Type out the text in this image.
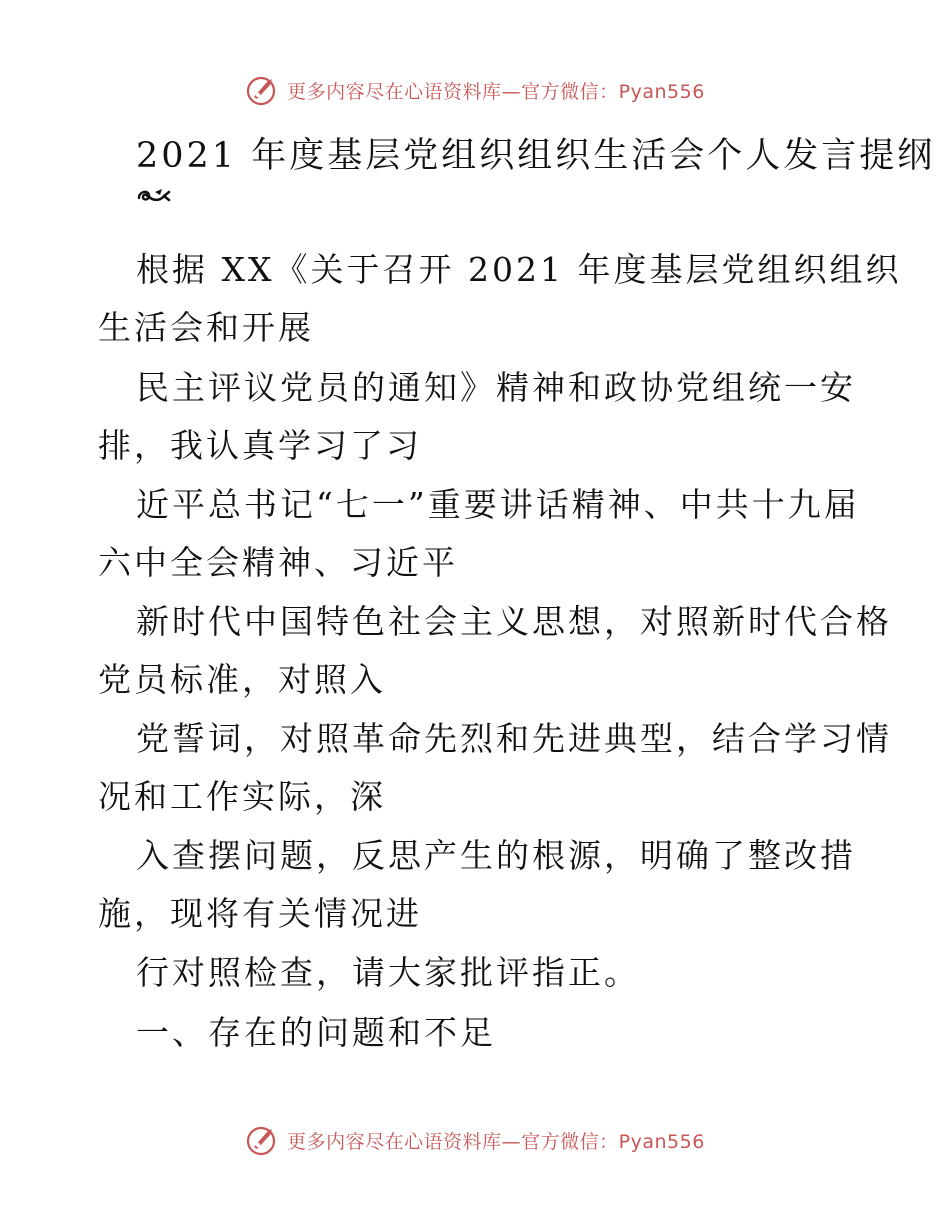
更多内容尽在心语资料库—官方微信：Pyan556
2021 年度基层党组织组织生活会个人发言提纲
根据 XX《关于召开 2021 年度基层党组织组织
生活会和开展
民主评议党员的通知》精神和政协党组统一安
排，我认真学习了习
近平总书记“七一”重要讲话精神、中共十九届
六中全会精神、习近平
新时代中国特色社会主义思想，对照新时代合格
党员标准，对照入
党誓词，对照革命先烈和先进典型，结合学习情
况和工作实际，深
入查摆问题，反思产生的根源，明确了整改措
施，现将有关情况进
行对照检查，请大家批评指正。
一、存在的问题和不足
更多内容尽在心语资料库—官方微信：Pyan556
